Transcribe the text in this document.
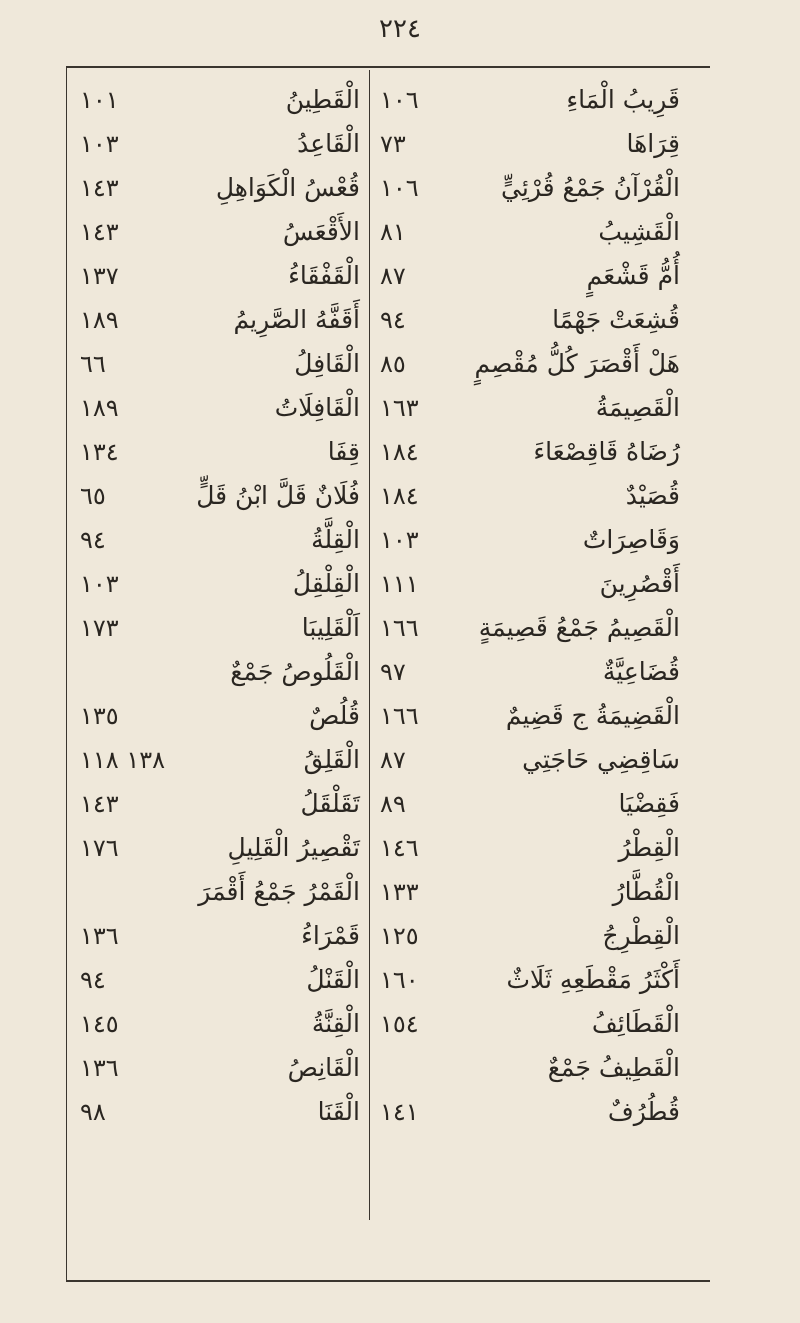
٢٢٤
قَرِيبُ الْمَاءِ
١٠٦
قِرَاهَا
٧٣
الْقُرْآنُ جَمْعُ قُرْئِيٍّ
١٠٦
الْقَشِيبُ
٨١
أُمُّ قَشْعَمٍ
٨٧
قُشِعَتْ جَهْمًا
٩٤
هَلْ أَقْصَرَ كُلُّ مُقْصِمٍ
٨٥
الْقَصِيمَةُ
١٦٣
رُضَاهُ قَاقِصْعَاءَ
١٨٤
قُصَيْدٌ
١٨٤
وَقَاصِرَاتٌ
١٠٣
أَقْصُرِينَ
١١١
الْقَصِيمُ جَمْعُ قَصِيمَةٍ
١٦٦
قُضَاعِيَّةٌ
٩٧
الْقَضِيمَةُ ج قَضِيمٌ
١٦٦
سَاقِضِي حَاجَتِي
٨٧
فَقِضْيَا
٨٩
الْقِطْرُ
١٤٦
الْقُطَّارُ
١٣٣
الْقِطْرِجُ
١٢٥
أَكْثَرُ مَقْطَعِهِ ثَلَاثٌ
١٦٠
الْقَطَائِفُ
١٥٤
الْقَطِيفُ جَمْعٌ
قُطُرُفٌ
١٤١
الْقَطِينُ
١٠١
الْقَاعِدُ
١٠٣
قُعْسُ الْكَوَاهِلِ
١٤٣
الأَقْعَسُ
١٤٣
الْقَفْقَاءُ
١٣٧
أَقَفَّهُ الصَّرِيمُ
١٨٩
الْقَافِلُ
٦٦
الْقَافِلَاتُ
١٨٩
قِفَا
١٣٤
فُلَانٌ قَلَّ ابْنُ قَلٍّ
٦٥
الْقِلَّةُ
٩٤
الْقِلْقِلُ
١٠٣
اَلْقَلِيبَا
١٧٣
الْقَلُوصُ جَمْعٌ
قُلُصٌ
١٣٥
الْقَلِقُ
١٣٨ ١١٨
تَقَلْقَلُ
١٤٣
تَقْصِيرُ الْقَلِيلِ
١٧٦
الْقَمْرُ جَمْعُ أَقْمَرَ
قَمْرَاءُ
١٣٦
الْقَنْلُ
٩٤
الْقِنَّةُ
١٤٥
الْقَانِصُ
١٣٦
الْقَنَا
٩٨
